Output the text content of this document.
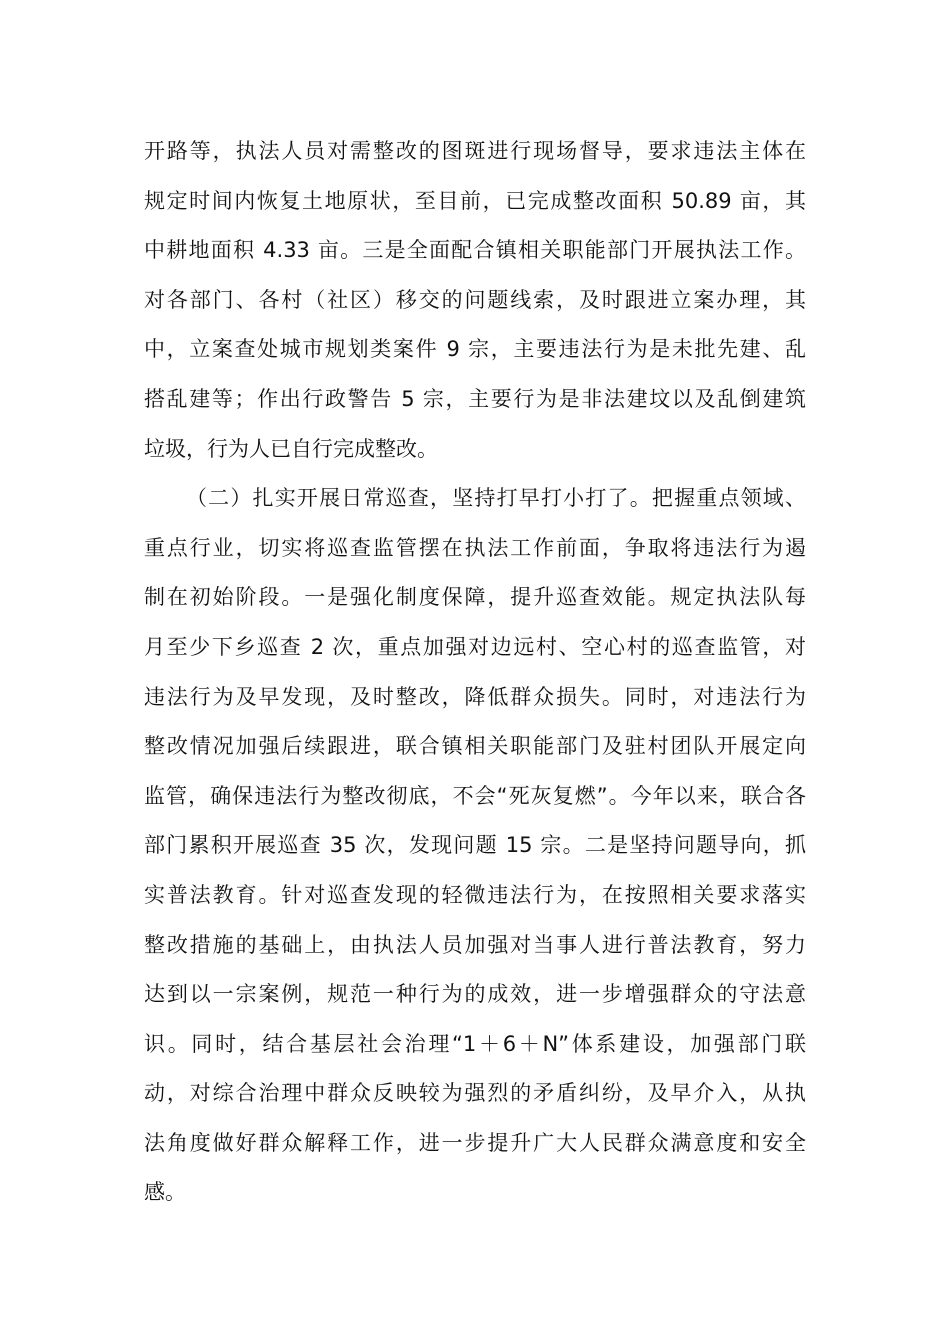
开路等，执法人员对需整改的图斑进行现场督导，要求违法主体在
规定时间内恢复土地原状，至目前，已完成整改面积 50.89 亩，其
中耕地面积 4.33 亩。三是全面配合镇相关职能部门开展执法工作。
对各部门、各村（社区）移交的问题线索，及时跟进立案办理，其
中，立案查处城市规划类案件 9 宗，主要违法行为是未批先建、乱
搭乱建等；作出行政警告 5 宗，主要行为是非法建坟以及乱倒建筑
垃圾，行为人已自行完成整改。
（二）扎实开展日常巡查，坚持打早打小打了。把握重点领域、
重点行业，切实将巡查监管摆在执法工作前面，争取将违法行为遏
制在初始阶段。一是强化制度保障，提升巡查效能。规定执法队每
月至少下乡巡查 2 次，重点加强对边远村、空心村的巡查监管，对
违法行为及早发现，及时整改，降低群众损失。同时，对违法行为
整改情况加强后续跟进，联合镇相关职能部门及驻村团队开展定向
监管，确保违法行为整改彻底，不会“死灰复燃”。今年以来，联合各
部门累积开展巡查 35 次，发现问题 15 宗。二是坚持问题导向，抓
实普法教育。针对巡查发现的轻微违法行为，在按照相关要求落实
整改措施的基础上，由执法人员加强对当事人进行普法教育，努力
达到以一宗案例，规范一种行为的成效，进一步增强群众的守法意
识。同时，结合基层社会治理“1＋6＋N”体系建设，加强部门联
动，对综合治理中群众反映较为强烈的矛盾纠纷，及早介入，从执
法角度做好群众解释工作，进一步提升广大人民群众满意度和安全
感。
